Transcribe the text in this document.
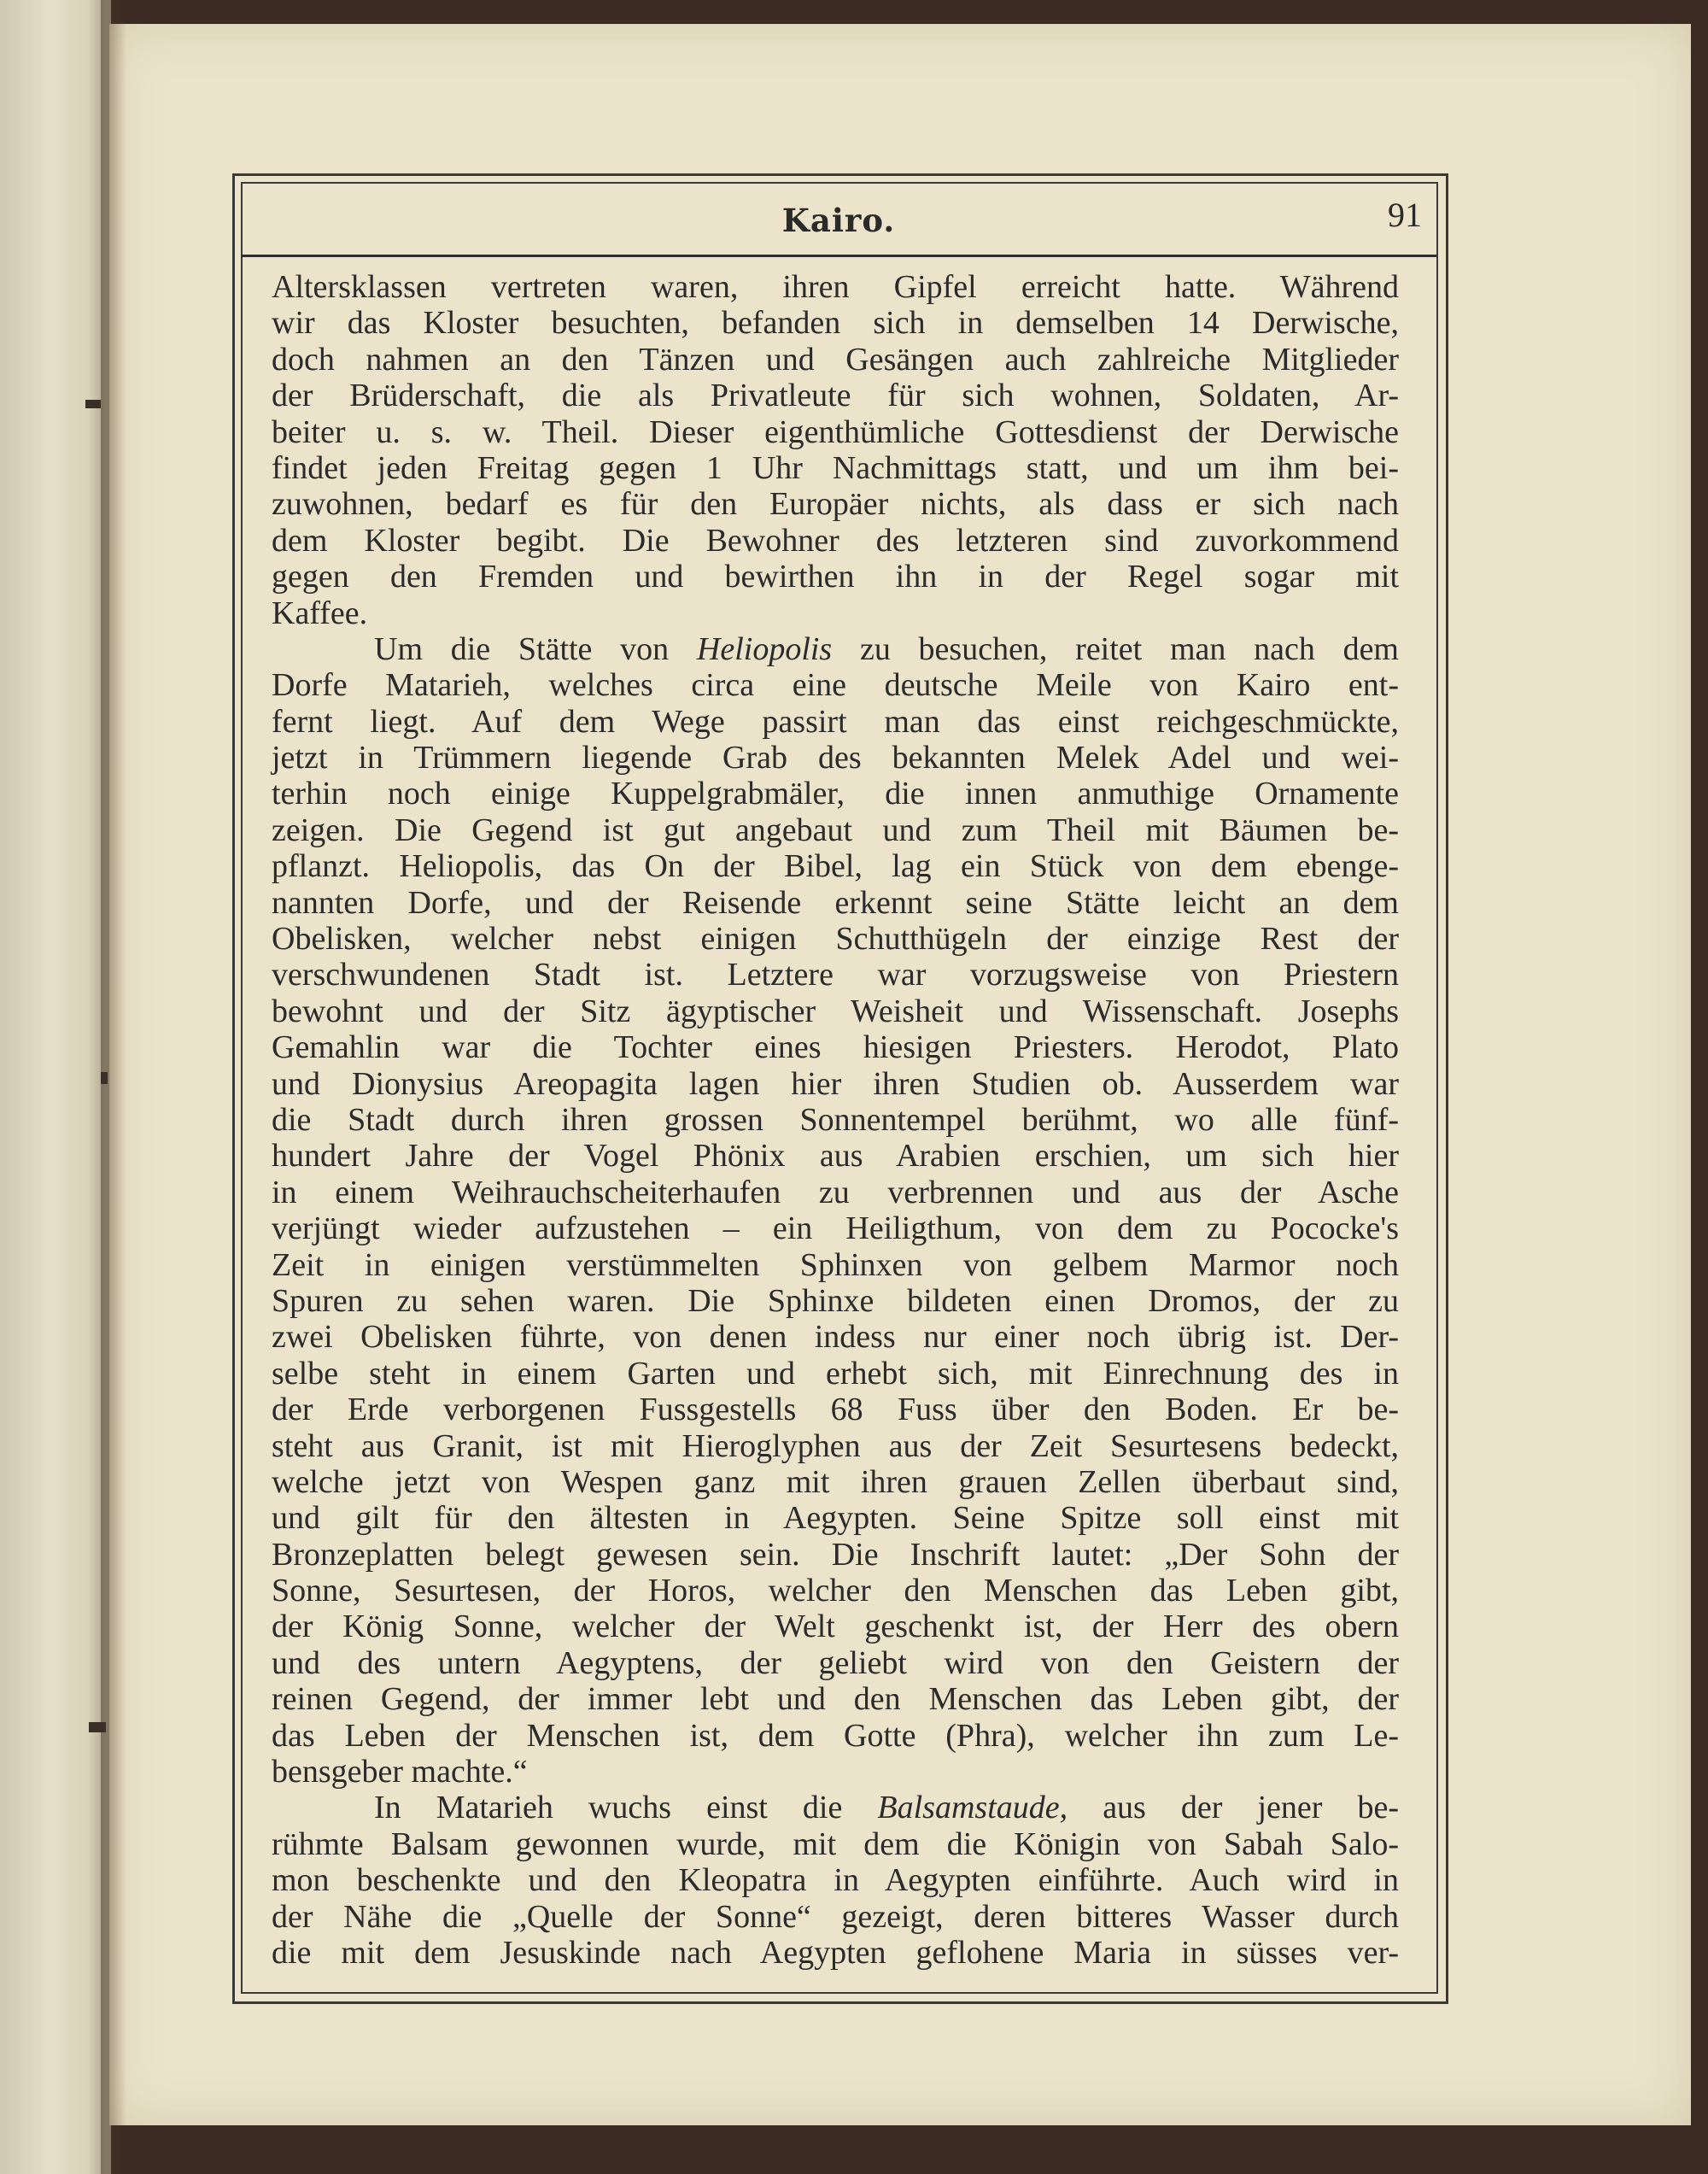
Kairo.	91
Altersklassen vertreten waren, ihren Gipfel erreicht hatte. Während
wir das Kloster besuchten, befanden sich in demselben 14 Derwische,
doch nahmen an den Tänzen und Gesängen auch zahlreiche Mitglieder
der Brüderschaft, die als Privatleute für sich wohnen, Soldaten, Ar-
beiter u. s. w. Theil. Dieser eigenthümliche Gottesdienst der Derwische
findet jeden Freitag gegen 1 Uhr Nachmittags statt, und um ihm bei-
zuwohnen, bedarf es für den Europäer nichts, als dass er sich nach
dem Kloster begibt. Die Bewohner des letzteren sind zuvorkommend
gegen den Fremden und bewirthen ihn in der Regel sogar mit
Kaffee.
Um die Stätte von Heliopolis zu besuchen, reitet man nach dem
Dorfe Matarieh, welches circa eine deutsche Meile von Kairo ent-
fernt liegt. Auf dem Wege passirt man das einst reichgeschmückte,
jetzt in Trümmern liegende Grab des bekannten Melek Adel und wei-
terhin noch einige Kuppelgrabmäler, die innen anmuthige Ornamente
zeigen. Die Gegend ist gut angebaut und zum Theil mit Bäumen be-
pflanzt. Heliopolis, das On der Bibel, lag ein Stück von dem ebenge-
nannten Dorfe, und der Reisende erkennt seine Stätte leicht an dem
Obelisken, welcher nebst einigen Schutthügeln der einzige Rest der
verschwundenen Stadt ist. Letztere war vorzugsweise von Priestern
bewohnt und der Sitz ägyptischer Weisheit und Wissenschaft. Josephs
Gemahlin war die Tochter eines hiesigen Priesters. Herodot, Plato
und Dionysius Areopagita lagen hier ihren Studien ob. Ausserdem war
die Stadt durch ihren grossen Sonnentempel berühmt, wo alle fünf-
hundert Jahre der Vogel Phönix aus Arabien erschien, um sich hier
in einem Weihrauchscheiterhaufen zu verbrennen und aus der Asche
verjüngt wieder aufzustehen – ein Heiligthum, von dem zu Pococke's
Zeit in einigen verstümmelten Sphinxen von gelbem Marmor noch
Spuren zu sehen waren. Die Sphinxe bildeten einen Dromos, der zu
zwei Obelisken führte, von denen indess nur einer noch übrig ist. Der-
selbe steht in einem Garten und erhebt sich, mit Einrechnung des in
der Erde verborgenen Fussgestells 68 Fuss über den Boden. Er be-
steht aus Granit, ist mit Hieroglyphen aus der Zeit Sesurtesens bedeckt,
welche jetzt von Wespen ganz mit ihren grauen Zellen überbaut sind,
und gilt für den ältesten in Aegypten. Seine Spitze soll einst mit
Bronzeplatten belegt gewesen sein. Die Inschrift lautet: „Der Sohn der
Sonne, Sesurtesen, der Horos, welcher den Menschen das Leben gibt,
der König Sonne, welcher der Welt geschenkt ist, der Herr des obern
und des untern Aegyptens, der geliebt wird von den Geistern der
reinen Gegend, der immer lebt und den Menschen das Leben gibt, der
das Leben der Menschen ist, dem Gotte (Phra), welcher ihn zum Le-
bensgeber machte.“
In Matarieh wuchs einst die Balsamstaude, aus der jener be-
rühmte Balsam gewonnen wurde, mit dem die Königin von Sabah Salo-
mon beschenkte und den Kleopatra in Aegypten einführte. Auch wird in
der Nähe die „Quelle der Sonne“ gezeigt, deren bitteres Wasser durch
die mit dem Jesuskinde nach Aegypten geflohene Maria in süsses ver-
